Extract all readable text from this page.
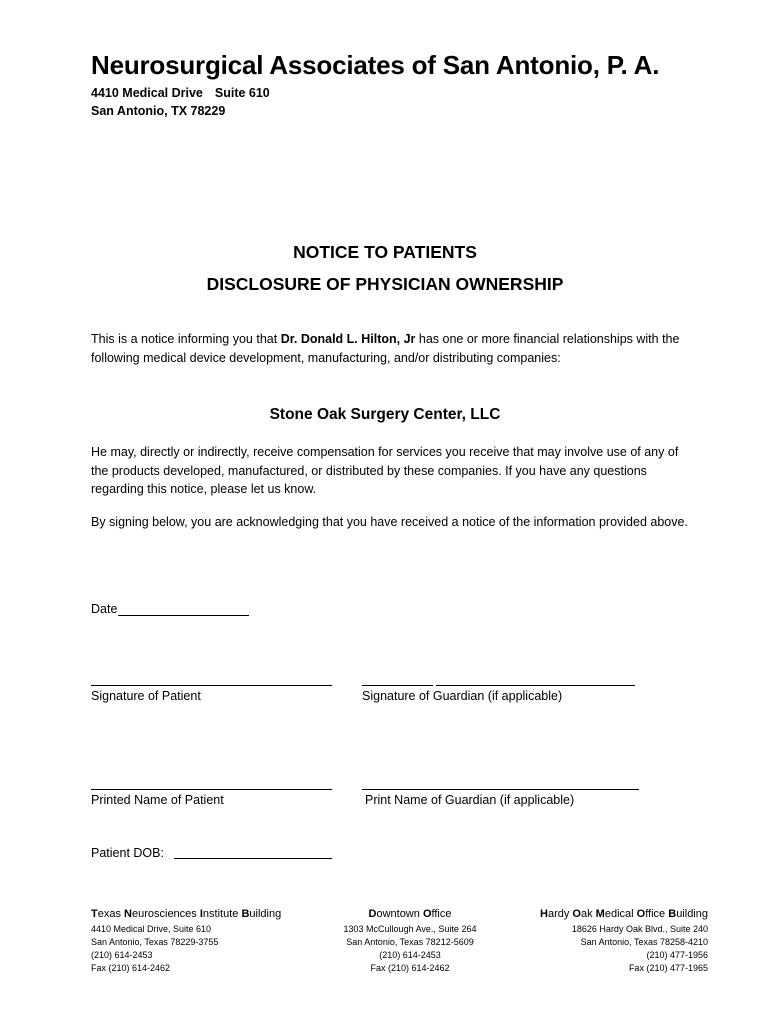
Neurosurgical Associates of San Antonio, P. A.
4410 Medical Drive Suite 610
San Antonio, TX 78229
NOTICE TO PATIENTS
DISCLOSURE OF PHYSICIAN OWNERSHIP
This is a notice informing you that Dr. Donald L. Hilton, Jr has one or more financial relationships with the following medical device development, manufacturing, and/or distributing companies:
Stone Oak Surgery Center, LLC
He may, directly or indirectly, receive compensation for services you receive that may involve use of any of the products developed, manufactured, or distributed by these companies. If you have any questions regarding this notice, please let us know.
By signing below, you are acknowledging that you have received a notice of the information provided above.
Date
Signature of Patient	Signature of Guardian (if applicable)
Printed Name of Patient	Print Name of Guardian (if applicable)
Patient DOB:
Texas Neurosciences Institute Building
4410 Medical Drive, Suite 610
San Antonio, Texas 78229-3755
(210) 614-2453
Fax (210) 614-2462
Downtown Office
1303 McCullough Ave., Suite 264
San Antonio, Texas 78212-5609
(210) 614-2453
Fax (210) 614-2462
Hardy Oak Medical Office Building
18626 Hardy Oak Blvd., Suite 240
San Antonio, Texas 78258-4210
(210) 477-1956
Fax (210) 477-1965
